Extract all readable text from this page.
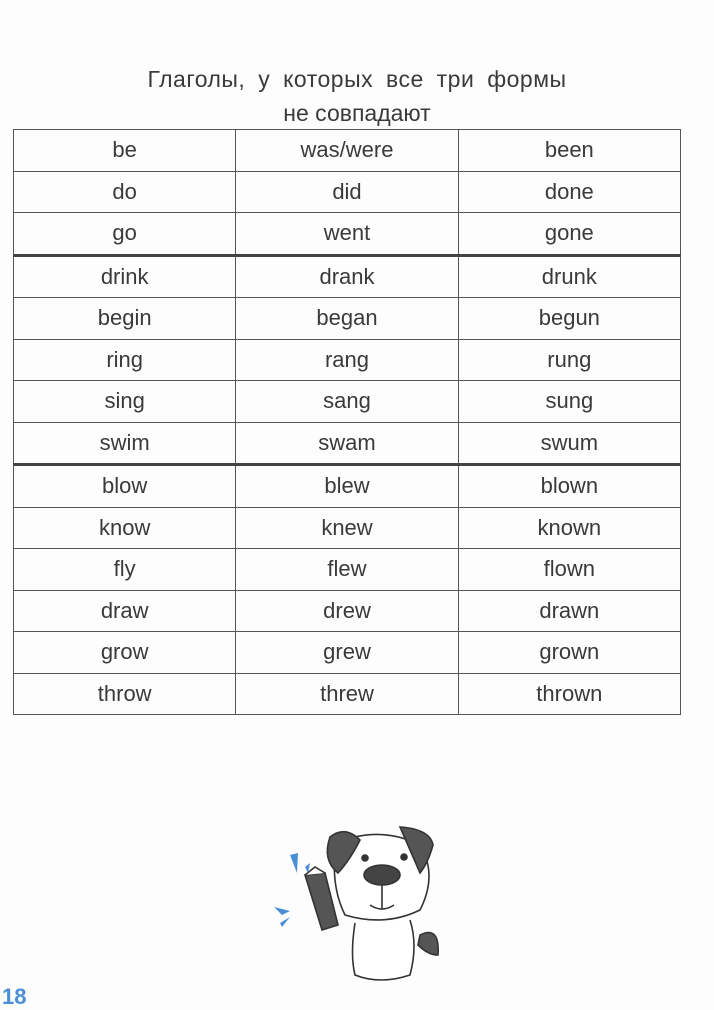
Глаголы, у которых все три формы
не совпадают
be	was/were	been
do	did	done
go	went	gone
drink	drank	drunk
begin	began	begun
ring	rang	rung
sing	sang	sung
swim	swam	swum
blow	blew	blown
know	knew	known
fly	flew	flown
draw	drew	drawn
grow	grew	grown
throw	threw	thrown
18
